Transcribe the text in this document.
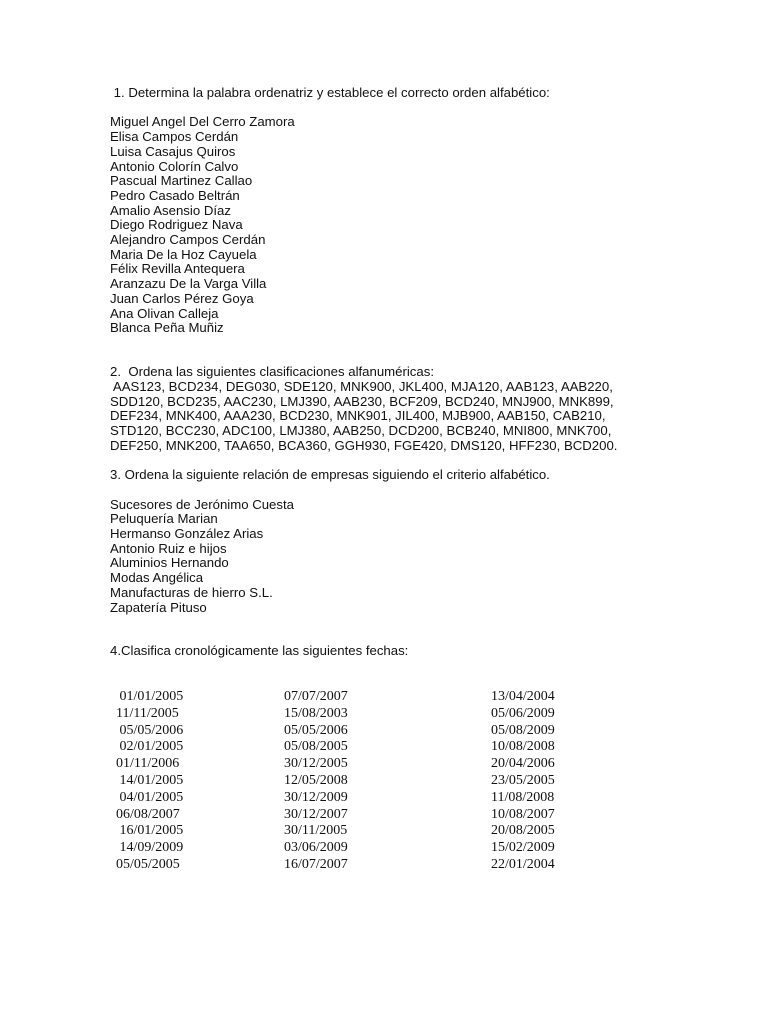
1. Determina la palabra ordenatriz y establece el correcto orden alfabético:
Miguel Angel Del Cerro Zamora
Elisa Campos Cerdán
Luisa Casajus Quiros
Antonio Colorín Calvo
Pascual Martinez Callao
Pedro Casado Beltrán
Amalio Asensio Díaz
Diego Rodriguez Nava
Alejandro Campos Cerdán
Maria De la Hoz Cayuela
Félix Revilla Antequera
Aranzazu De la Varga Villa
Juan Carlos Pérez Goya
Ana Olivan Calleja
Blanca Peña Muñiz
2.  Ordena las siguientes clasificaciones alfanuméricas:
AAS123, BCD234, DEG030, SDE120, MNK900, JKL400, MJA120, AAB123, AAB220,
SDD120, BCD235, AAC230, LMJ390, AAB230, BCF209, BCD240, MNJ900, MNK899,
DEF234, MNK400, AAA230, BCD230, MNK901, JIL400, MJB900, AAB150, CAB210,
STD120, BCC230, ADC100, LMJ380, AAB250, DCD200, BCB240, MNI800, MNK700,
DEF250, MNK200, TAA650, BCA360, GGH930, FGE420, DMS120, HFF230, BCD200.
3. Ordena la siguiente relación de empresas siguiendo el criterio alfabético.
Sucesores de Jerónimo Cuesta
Peluquería Marian
Hermanso González Arias
Antonio Ruiz e hijos
Aluminios Hernando
Modas Angélica
Manufacturas de hierro S.L.
Zapatería Pituso
4.Clasifica cronológicamente las siguientes fechas:
01/01/2005	07/07/2007	13/04/2004
11/11/2005	15/08/2003	05/06/2009
05/05/2006	05/05/2006	05/08/2009
02/01/2005	05/08/2005	10/08/2008
01/11/2006	30/12/2005	20/04/2006
14/01/2005	12/05/2008	23/05/2005
04/01/2005	30/12/2009	11/08/2008
06/08/2007	30/12/2007	10/08/2007
16/01/2005	30/11/2005	20/08/2005
14/09/2009	03/06/2009	15/02/2009
05/05/2005	16/07/2007	22/01/2004
